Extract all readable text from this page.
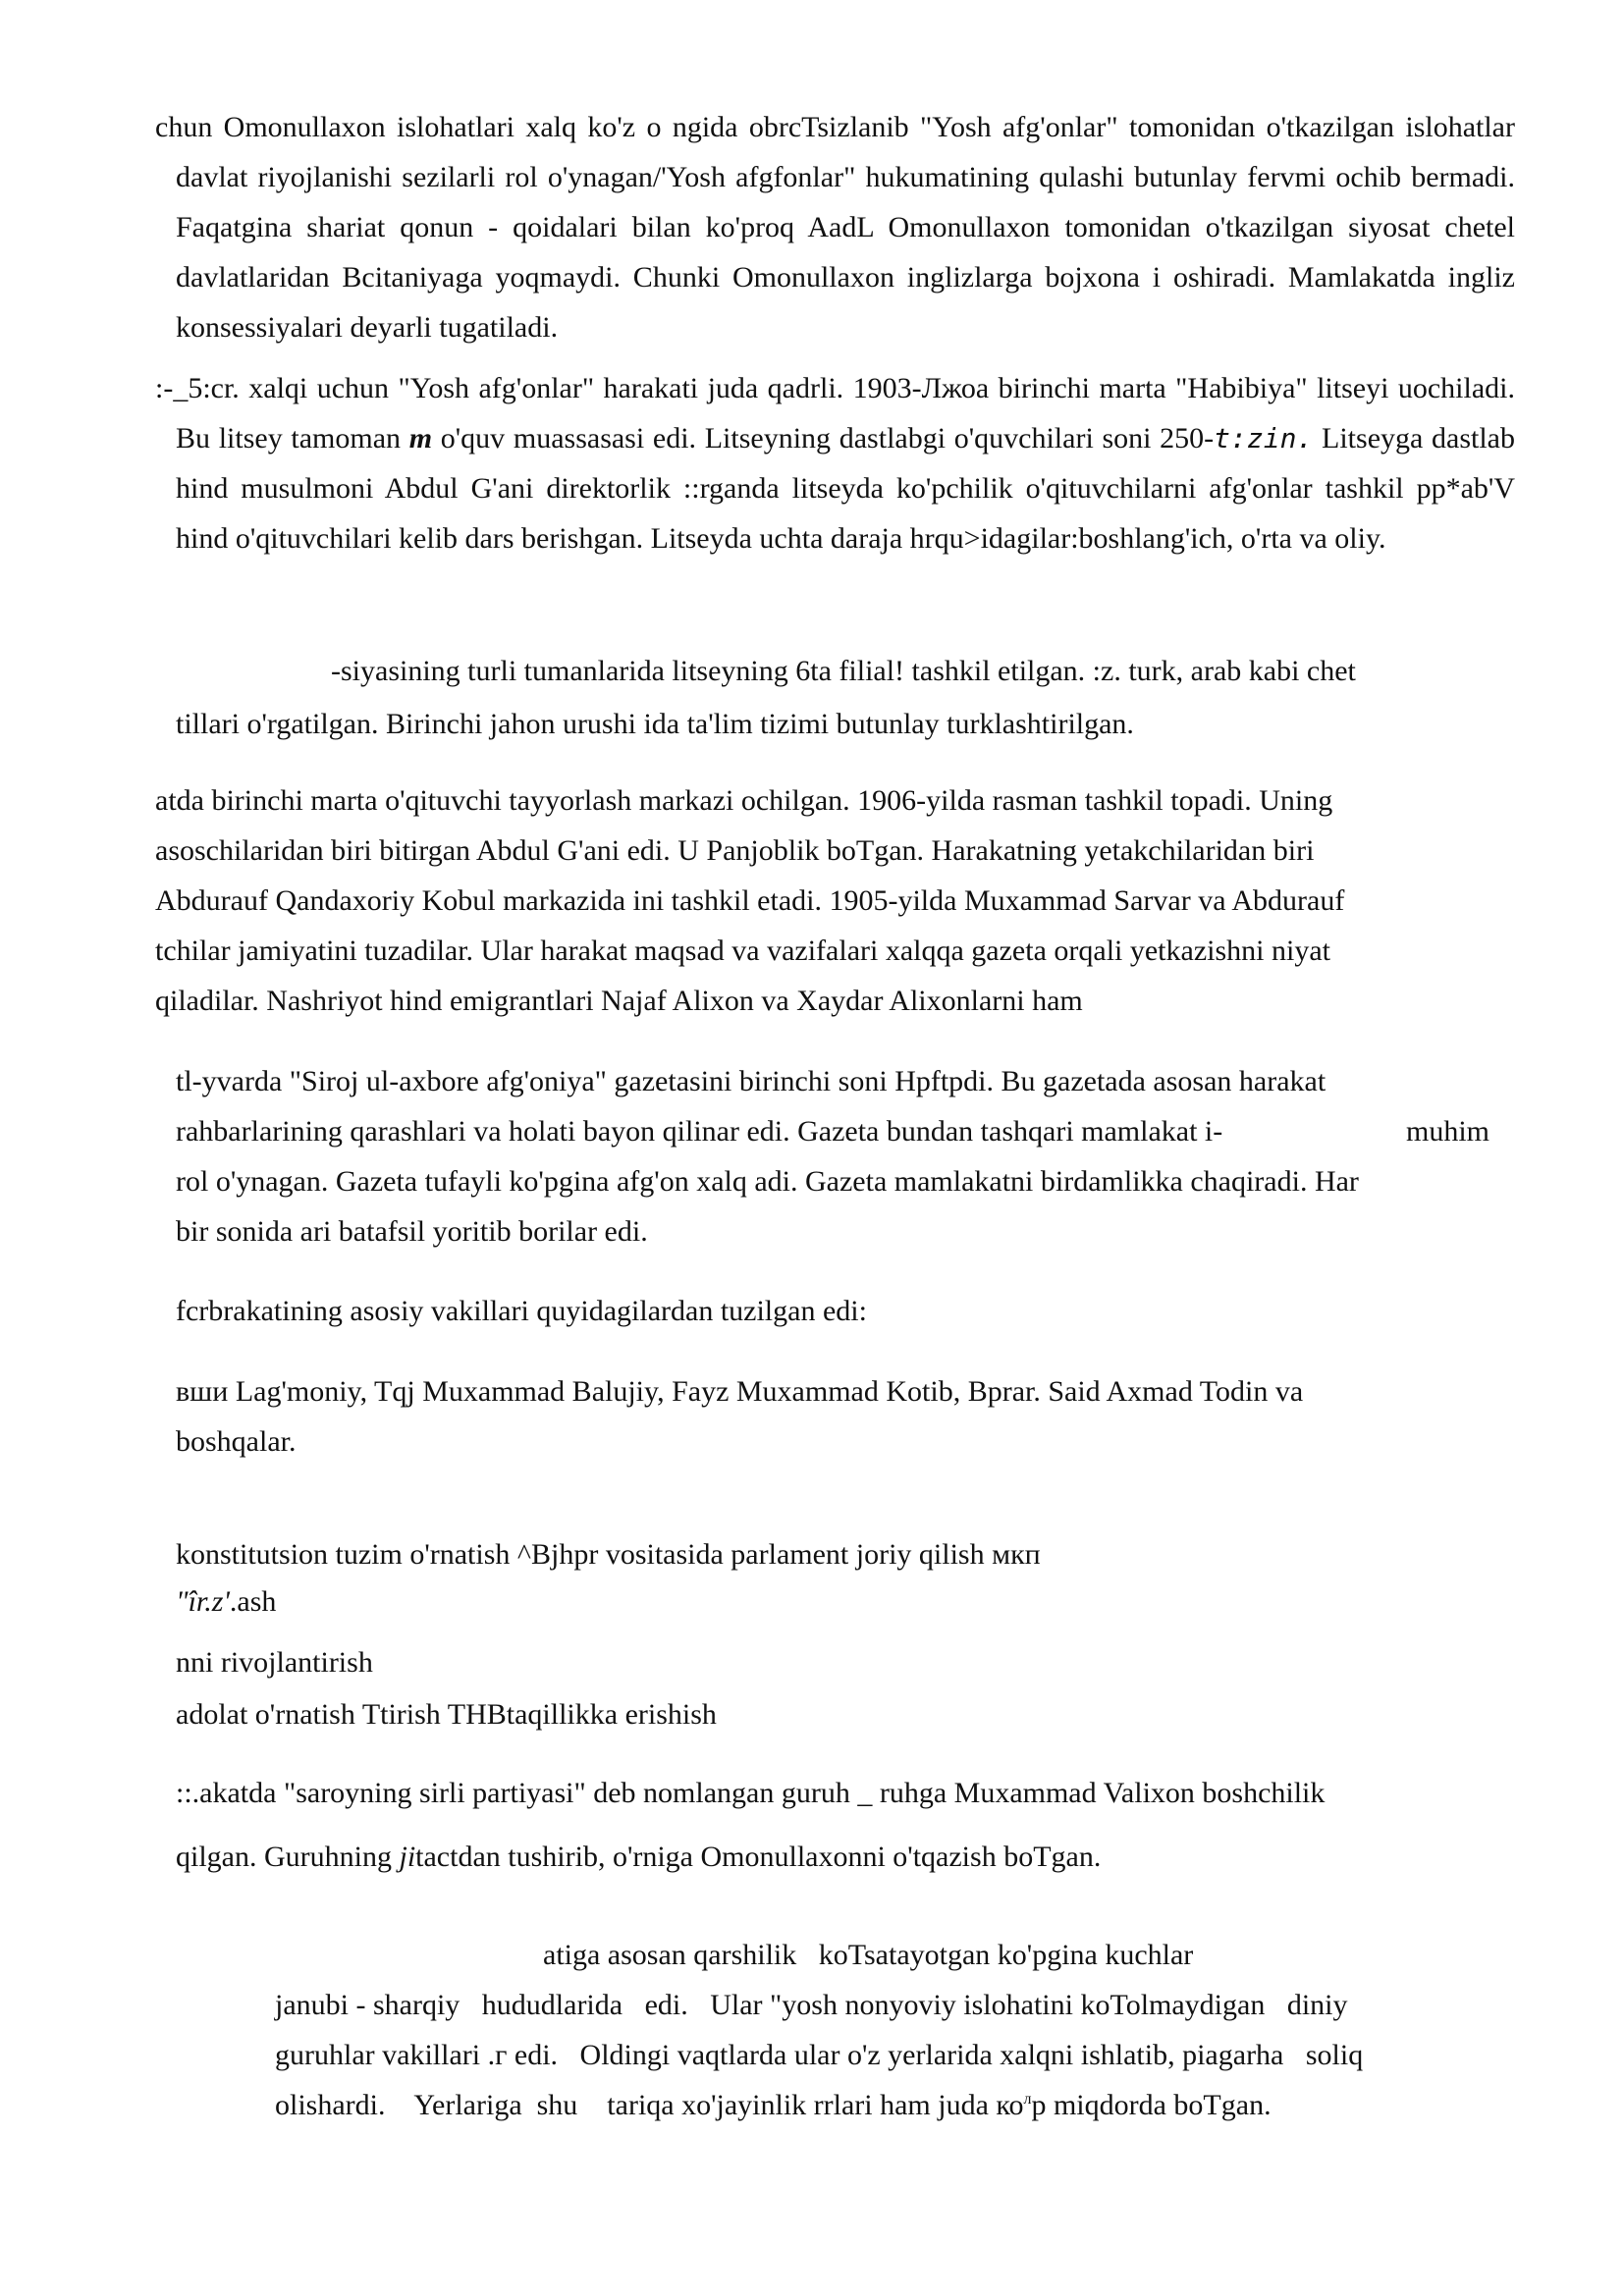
chun Omonullaxon islohatlari xalq ko'z o ngida obrcTsizlanib "Yosh afg'onlar" tomonidan o'tkazilgan islohatlar davlat riyojlanishi sezilarli rol o'ynagan/'Yosh afgfonlar" hukumatining qulashi butunlay fervmi ochib bermadi. Faqatgina shariat qonun - qoidalari bilan ko'proq AadL Omonullaxon tomonidan o'tkazilgan siyosat chetel davlatlaridan Bcitaniyaga yoqmaydi. Chunki Omonullaxon inglizlarga bojxona i oshiradi. Mamlakatda ingliz konsessiyalari deyarli tugatiladi.

:-_5:cr. xalqi uchun "Yosh afg'onlar" harakati juda qadrli. 1903-Лжоа birinchi marta "Habibiya" litseyi uochiladi. Bu litsey tamoman m o'quv muassasasi edi. Litseyning dastlabgi o'quvchilari soni 250-t:zin. Litseyga dastlab hind musulmoni Abdul G'ani direktorlik ::rganda litseyda ko'pchilik o'qituvchilarni afg'onlar tashkil pp*ab'V hind o'qituvchilari kelib dars berishgan. Litseyda uchta daraja hrqu>idagilar:boshlang'ich, o'rta va oliy.

-siyasining turli tumanlarida litseyning 6ta filial! tashkil etilgan. :z. turk, arab kabi chet
tillari o'rgatilgan. Birinchi jahon urushi ida ta'lim tizimi butunlay turklashtirilgan.
atda birinchi marta o'qituvchi tayyorlash markazi ochilgan. 1906-yilda rasman tashkil topadi. Uning
asoschilaridan biri bitirgan Abdul G'ani edi. U Panjoblik boTgan. Harakatning yetakchilaridan biri
Abdurauf Qandaxoriy Kobul markazida ini tashkil etadi. 1905-yilda Muxammad Sarvar va Abdurauf
tchilar jamiyatini tuzadilar. Ular harakat maqsad va vazifalari xalqqa gazeta orqali yetkazishni niyat
qiladilar. Nashriyot hind emigrantlari Najaf Alixon va Xaydar Alixonlarni ham
tl-yvarda "Siroj ul-axbore afg'oniya" gazetasini birinchi soni Hpftpdi. Bu gazetada asosan harakat
rahbarlarining qarashlari va holati bayon qilinar edi. Gazeta bundan tashqari mamlakat i-	muhim
rol o'ynagan. Gazeta tufayli ko'pgina afg'on xalq adi. Gazeta mamlakatni birdamlikka chaqiradi. Har
bir sonida ari batafsil yoritib borilar edi.
fcrbrakatining asosiy vakillari quyidagilardan tuzilgan edi:
вши Lag'moniy, Tqj Muxammad Balujiy, Fayz Muxammad Kotib, Bprar. Said Axmad Todin va
boshqalar.
konstitutsion tuzim o'rnatish ^Bjhpr vositasida parlament joriy qilish мкп
"îr.z'.ash
nni rivojlantirish
adolat o'rnatish Ttirish THBtaqillikka erishish
::.akatda "saroyning sirli partiyasi" deb nomlangan guruh _ ruhga Muxammad Valixon boshchilik
qilgan. Guruhning jitactdan tushirib, o'rniga Omonullaxonni o'tqazish boTgan.
atiga asosan qarshilik   koTsatayotgan ko'pgina kuchlar
janubi - sharqiy   hududlarida   edi.   Ular "yosh nonyoviy islohatini koTolmaydigan   diniy
guruhlar vakillari .г edi.   Oldingi vaqtlarda ular o'z yerlarida xalqni ishlatib, piagarha   soliq
olishardi.    Yerlariga  shu    tariqa xo'jayinlik rrlari ham juda $ко^лр$ miqdorda boTgan.
